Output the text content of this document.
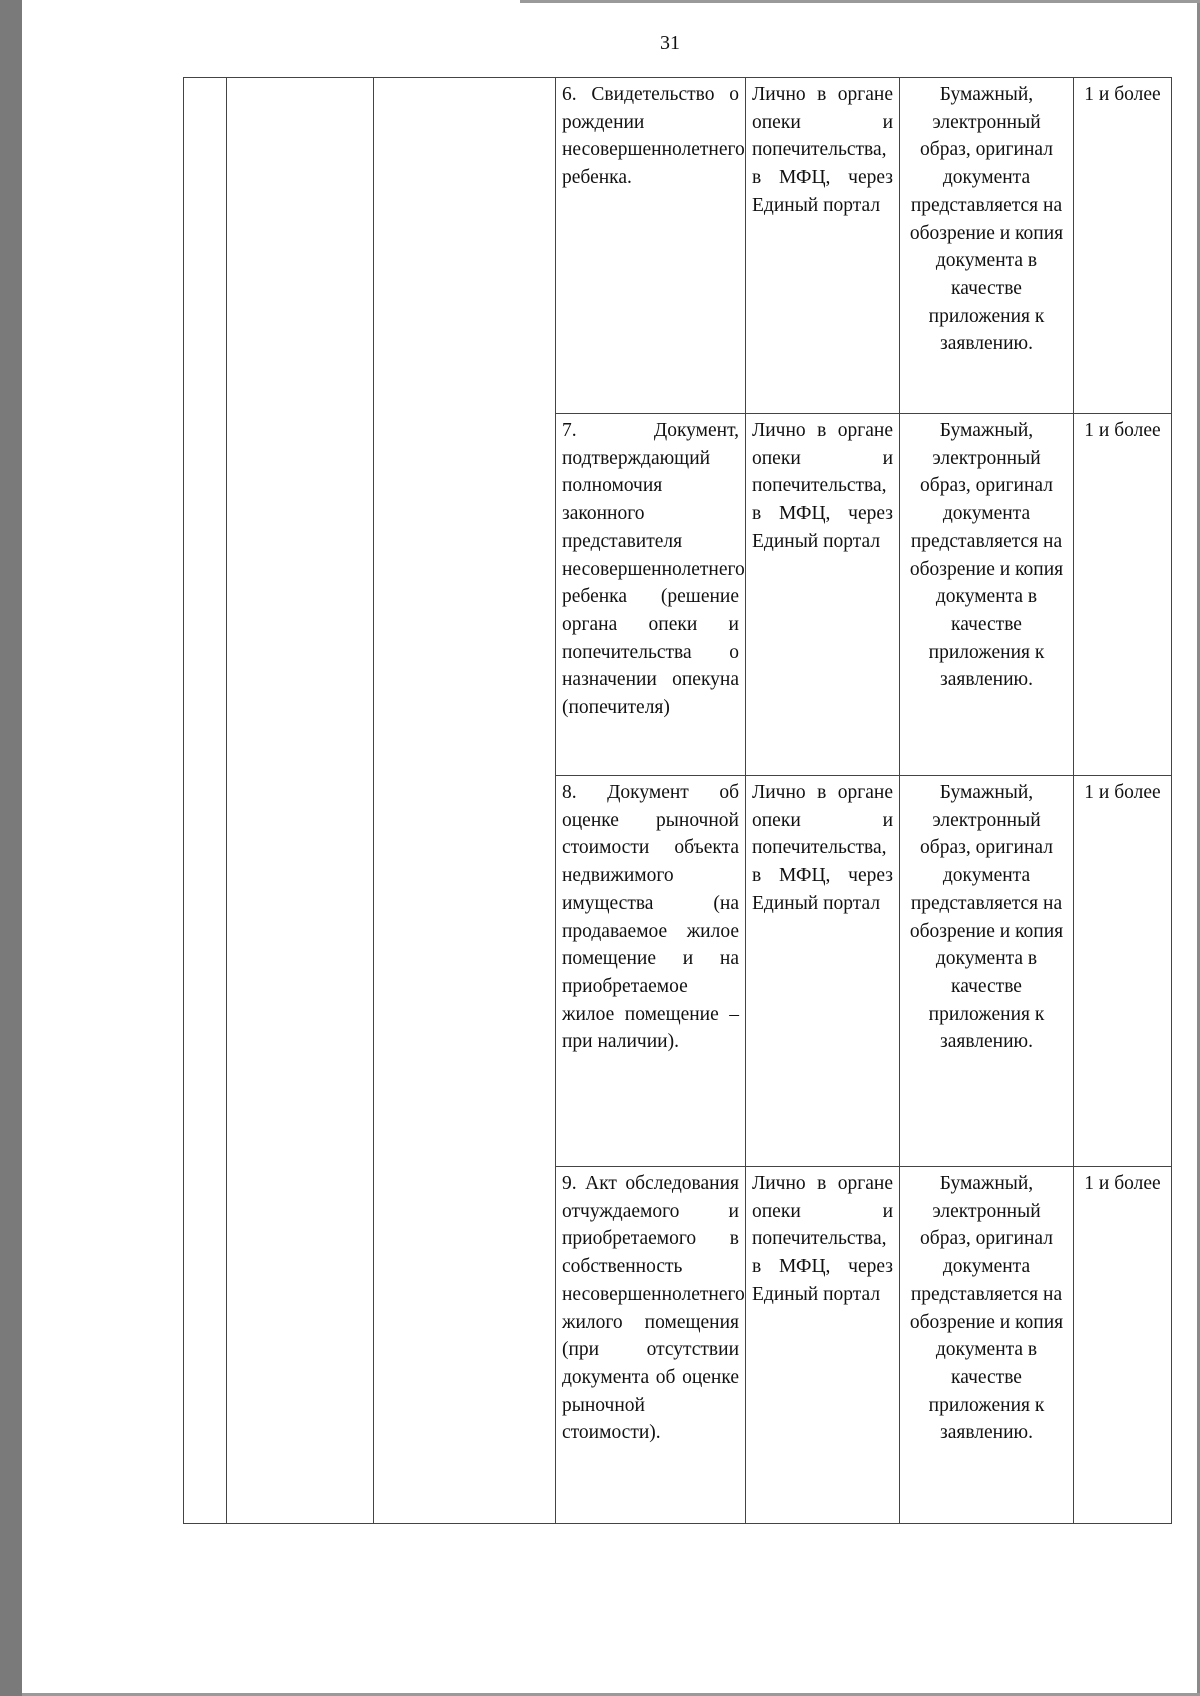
31
			6. Свидетельство о рождении несовершеннолетнего ребенка.	Лично в органе опеки и попечительства, в МФЦ, через Единый портал	Бумажный, электронный образ, оригинал документа представляется на обозрение и копия документа в качестве приложения к заявлению.	1 и более
			7. Документ, подтверждающий полномочия законного представителя несовершеннолетнего ребенка (решение органа опеки и попечительства о назначении опекуна (попечителя)	Лично в органе опеки и попечительства, в МФЦ, через Единый портал	Бумажный, электронный образ, оригинал документа представляется на обозрение и копия документа в качестве приложения к заявлению.	1 и более
			8. Документ об оценке рыночной стоимости объекта недвижимого имущества (на продаваемое жилое помещение и на приобретаемое жилое помещение – при наличии).	Лично в органе опеки и попечительства, в МФЦ, через Единый портал	Бумажный, электронный образ, оригинал документа представляется на обозрение и копия документа в качестве приложения к заявлению.	1 и более
			9. Акт обследования отчуждаемого и приобретаемого в собственность несовершеннолетнего жилого помещения (при отсутствии документа об оценке рыночной стоимости).	Лично в органе опеки и попечительства, в МФЦ, через Единый портал	Бумажный, электронный образ, оригинал документа представляется на обозрение и копия документа в качестве приложения к заявлению.	1 и более
